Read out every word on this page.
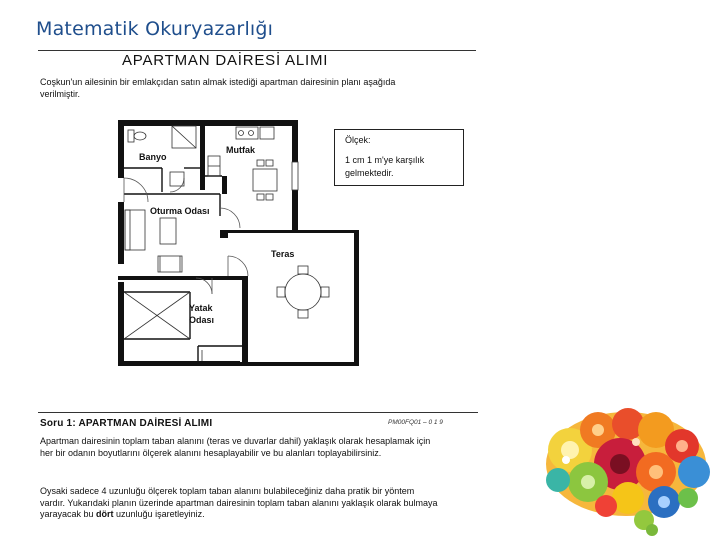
Matematik Okuryazarlığı
APARTMAN DAİRESİ ALIMI
Coşkun'un ailesinin bir emlakçıdan satın almak istediği apartman dairesinin planı aşağıda verilmiştir.
Ölçek:
1 cm 1 m'ye karşılık gelmektedir.
Banyo
Mutfak
Oturma Odası
Teras
Yatak
Odası
Soru 1: APARTMAN DAİRESİ ALIMI	PM00FQ01 – 0 1 9
Apartman dairesinin toplam taban alanını (teras ve duvarlar dahil) yaklaşık olarak hesaplamak için her bir odanın boyutlarını ölçerek alanını hesaplayabilir ve bu alanları toplayabilirsiniz.
Oysaki sadece 4 uzunluğu ölçerek toplam taban alanını bulabileceğiniz daha pratik bir yöntem vardır. Yukarıdaki planın üzerinde apartman dairesinin toplam taban alanını yaklaşık olarak bulmaya yarayacak bu dört uzunluğu işaretleyiniz.
